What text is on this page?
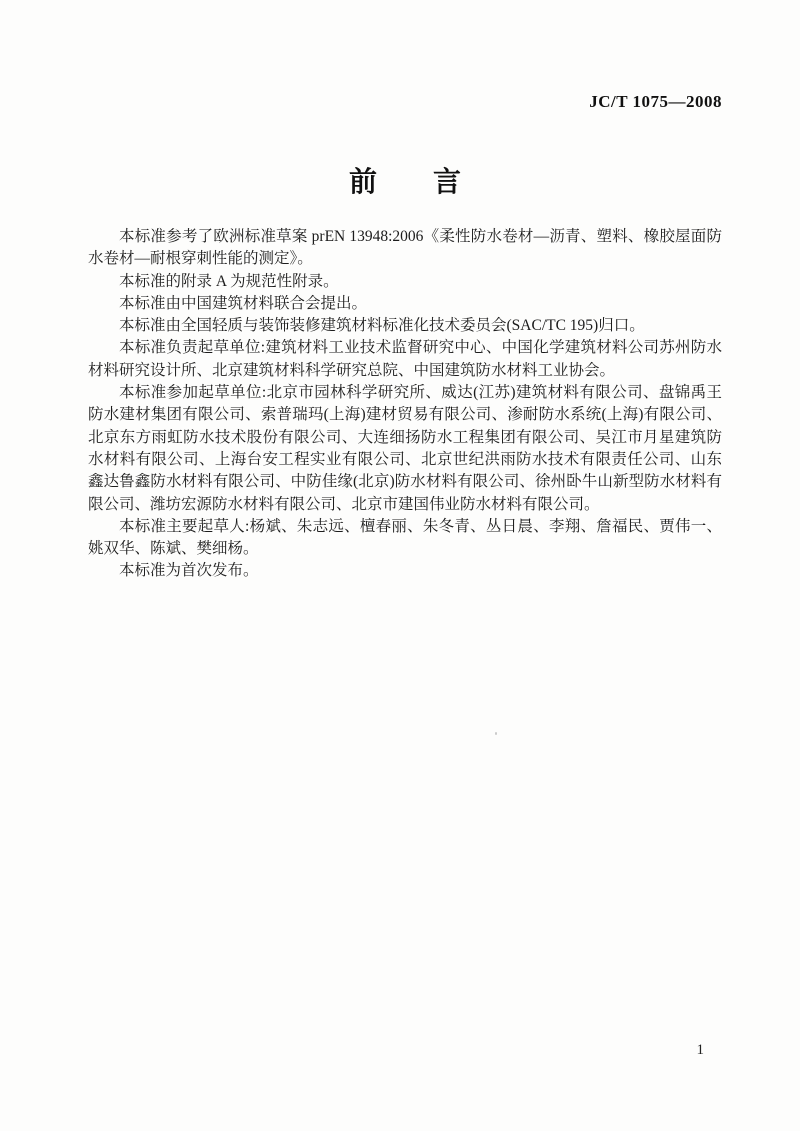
JC/T 1075—2008
前　　言

本标准参考了欧洲标准草案 prEN 13948:2006《柔性防水卷材—沥青、塑料、橡胶屋面防水卷材—耐根穿刺性能的测定》。

本标准的附录 A 为规范性附录。

本标准由中国建筑材料联合会提出。

本标准由全国轻质与装饰装修建筑材料标准化技术委员会(SAC/TC 195)归口。

本标准负责起草单位:建筑材料工业技术监督研究中心、中国化学建筑材料公司苏州防水材料研究设计所、北京建筑材料科学研究总院、中国建筑防水材料工业协会。

本标准参加起草单位:北京市园林科学研究所、威达(江苏)建筑材料有限公司、盘锦禹王防水建材集团有限公司、索普瑞玛(上海)建材贸易有限公司、渗耐防水系统(上海)有限公司、北京东方雨虹防水技术股份有限公司、大连细扬防水工程集团有限公司、吴江市月星建筑防水材料有限公司、上海台安工程实业有限公司、北京世纪洪雨防水技术有限责任公司、山东鑫达鲁鑫防水材料有限公司、中防佳缘(北京)防水材料有限公司、徐州卧牛山新型防水材料有限公司、潍坊宏源防水材料有限公司、北京市建国伟业防水材料有限公司。

本标准主要起草人:杨斌、朱志远、檀春丽、朱冬青、丛日晨、李翔、詹福民、贾伟一、姚双华、陈斌、樊细杨。

本标准为首次发布。

1
